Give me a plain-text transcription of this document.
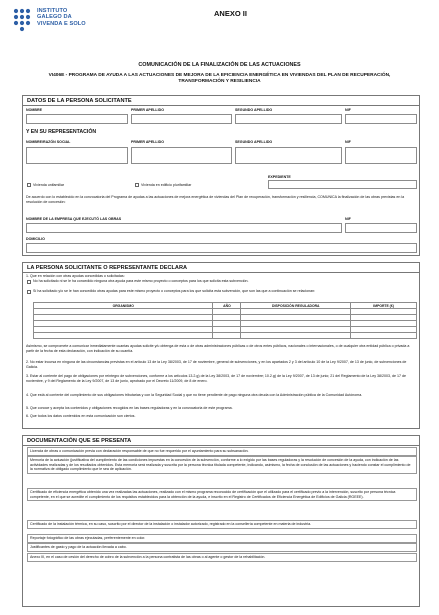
INSTITUTO
GALEGO DA
VIVENDA E SOLO
ANEXO II
COMUNICACIÓN DE LA FINALIZACIÓN DE LAS ACTUACIONES
VI406E - PROGRAMA DE AYUDA A LAS ACTUACIONES DE MEJORA DE LA EFICIENCIA ENERGÉTICA EN VIVIENDAS DEL PLAN DE RECUPERACIÓN, TRANSFORMACIÓN Y RESILIENCIA
DATOS DE LA PERSONA SOLICITANTE
NOMBRE	PRIMER APELLIDO	SEGUNDO APELLIDO	NIF
Y EN SU REPRESENTACIÓN
NOMBRE/RAZÓN SOCIAL	PRIMER APELLIDO	SEGUNDO APELLIDO	NIF
EXPEDIENTE
Vivienda unifamiliar	Vivienda en edificio plurifamiliar
De acuerdo con lo establecido en la convocatoria del Programa de ayudas a las actuaciones de mejora energética de viviendas del Plan de recuperación, transformación y resiliencia, COMUNICA la finalización de las obras previstas en la resolución de concesión:
NOMBRE DE LA EMPRESA QUE EJECUTÓ LAS OBRAS	NIF
DOMICILIO
LA PERSONA SOLICITANTE O REPRESENTANTE DECLARA
1. Que en relación con otras ayudas concedidas o solicitadas:
No ha solicitado ni se le ha concedido ninguna otra ayuda para este mismo proyecto o conceptos para los que solicita esta subvención.
Sí ha solicitado y/o se le han concedido otras ayudas para este mismo proyecto o conceptos para los que solicita esta subvención, que son las que a continuación se relacionan:
ORGANISMO	AÑO	DISPOSICIÓN REGULADORA	IMPORTE (€)

Asimismo, se compromete a comunicar inmediatamente cuantas ayudas solicite y/u obtenga de esta o de otras administraciones públicas o de otros entes públicos, nacionales o internacionales, o de cualquier otra entidad pública o privada a partir de la fecha de esta declaración, con indicación de su cuantía.
2. No estar incursa en ninguna de las circunstancias previstas en el artículo 13 de la Ley 38/2003, de 17 de noviembre, general de subvenciones, y en los apartados 2 y 3 del artículo 10 de la Ley 9/2007, de 13 de junio, de subvenciones de Galicia.
3. Estar al corriente del pago de obligaciones por reintegro de subvenciones, conforme a los artículos 13.2.g) de la Ley 38/2003, de 17 de noviembre; 10.2.g) de la Ley 9/2007, de 13 de junio; 21 del Reglamento de la Ley 38/2003, de 17 de noviembre, y 9 del Reglamento de la Ley 9/2007, de 13 de junio, aprobado por el Decreto 11/2009, de 8 de enero.
4. Que está al corriente del cumplimiento de sus obligaciones tributarias y con la Seguridad Social y que no tiene pendiente de pago ninguna otra deuda con la Administración pública de la Comunidad Autónoma.
5. Que conoce y acepta los contenidos y obligaciones recogidos en las bases reguladoras y en la convocatoria de este programa.
6. Que todos los datos contenidos en esta comunicación son ciertos.
DOCUMENTACIÓN QUE SE PRESENTA
Licencia de obras o comunicación previa con declaración responsable de que no fue requerido por el ayuntamiento para su subsanación.
Memoria de la actuación (justificativa del cumplimiento de las condiciones impuestas en la concesión de la subvención, conforme a lo exigido por las bases reguladoras y la resolución de concesión de la ayuda, con indicación de las actividades realizadas y de los resultados obtenidos. Esta memoria será realizada y suscrita por la persona técnica titulada competente, indicando, asimismo, la fecha de conclusión de las actuaciones y haciendo constar el cumplimiento de la normativa de obligado cumplimiento que le sea de aplicación.
Certificado de eficiencia energética obtenido una vez realizadas las actuaciones, realizado con el mismo programa reconocido de certificación que el utilizado para el certificado previo a la intervención, suscrito por persona técnica competente, en el que se acredite el cumplimiento de los requisitos establecidos para la obtención de la ayuda, e inscrito en el Registro de Certificados de Eficiencia Energética de Edificios de Galicia (RGEEE).
Certificado de la instalación térmica, en su caso, suscrito por el director de la instalación o instalador autorizado, registrado en la consellería competente en materia de industria.
Reportaje fotográfico de las obras ejecutadas, preferentemente en color.
Justificantes de gasto y pago de la actuación llevada a cabo.
Anexo III, en el caso de cesión del derecho de cobro de la subvención a la persona contratista de las obras o al agente o gestor de la rehabilitación.
